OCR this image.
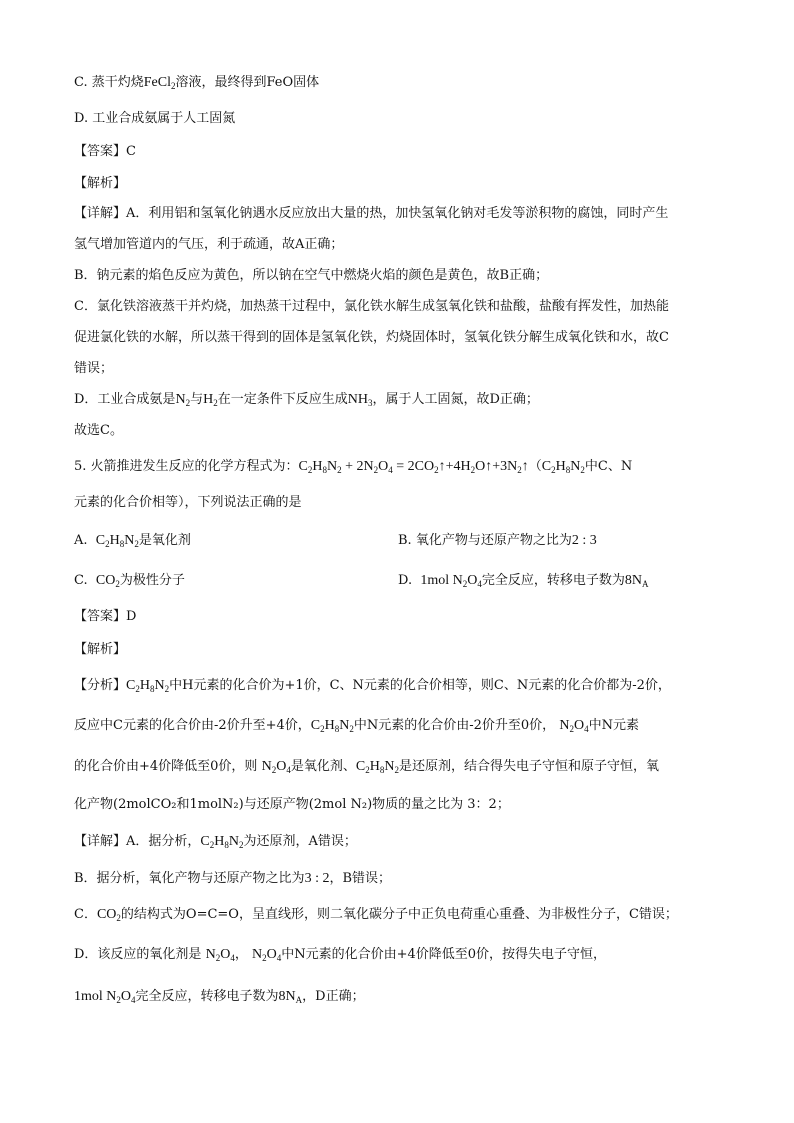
C. 蒸干灼烧FeCl$_2$溶液，最终得到FeO固体
D. 工业合成氨属于人工固氮
【答案】C
【解析】
【详解】A．利用铝和氢氧化钠遇水反应放出大量的热，加快氢氧化钠对毛发等淤积物的腐蚀，同时产生
氢气增加管道内的气压，利于疏通，故A正确；
B．钠元素的焰色反应为黄色，所以钠在空气中燃烧火焰的颜色是黄色，故B正确；
C．氯化铁溶液蒸干并灼烧，加热蒸干过程中，氯化铁水解生成氢氧化铁和盐酸，盐酸有挥发性，加热能
促进氯化铁的水解，所以蒸干得到的固体是氢氧化铁，灼烧固体时，氢氧化铁分解生成氧化铁和水，故C
错误；
D．工业合成氨是$N_2$与$H_2$在一定条件下反应生成$NH_3$，属于人工固氮，故D正确；
故选C。
5. 火箭推进发生反应的化学方程式为：$C_2H_8N_2 + 2N_2O_4$ = $2CO_2↑+4H_2O↑+3N_2↑(C_2H_8N_2$中C、N
元素的化合价相等），下列说法正确的是
A. $C_2H_8N_2$是氧化剂	B. 氧化产物与还原产物之比为2 : 3
C. $CO_2$为极性分子	D. 1mol $N_2O_4$完全反应，转移电子数为$8N_A$
【答案】D
【解析】
【分析】$C_2H_8N_2$中H元素的化合价为+1价，C、N元素的化合价相等，则C、N元素的化合价都为-2价，
反应中C元素的化合价由-2价升至+4价，$C_2H_8N_2$中N元素的化合价由-2价升至0价， $N_2O_4$中N元素
的化合价由+4价降低至0价，则 $N_2O_4$是氧化剂、$C_2H_8N_2$是还原剂，结合得失电子守恒和原子守恒，氧
化产物(2molCO₂和1molN₂)与还原产物(2mol N₂)物质的量之比为 3：2；
【详解】A．据分析，$C_2H_8N_2$为还原剂，A错误；
B．据分析，氧化产物与还原产物之比为3 : 2，B错误；
C．$CO_2$的结构式为O=C=O，呈直线形，则二氧化碳分子中正负电荷重心重叠、为非极性分子，C错误；
D．该反应的氧化剂是 $N_2O_4$， $N_2O_4$中N元素的化合价由+4价降低至0价，按得失电子守恒，
1mol $N_2O_4$完全反应，转移电子数为$8N_A$，D正确；
